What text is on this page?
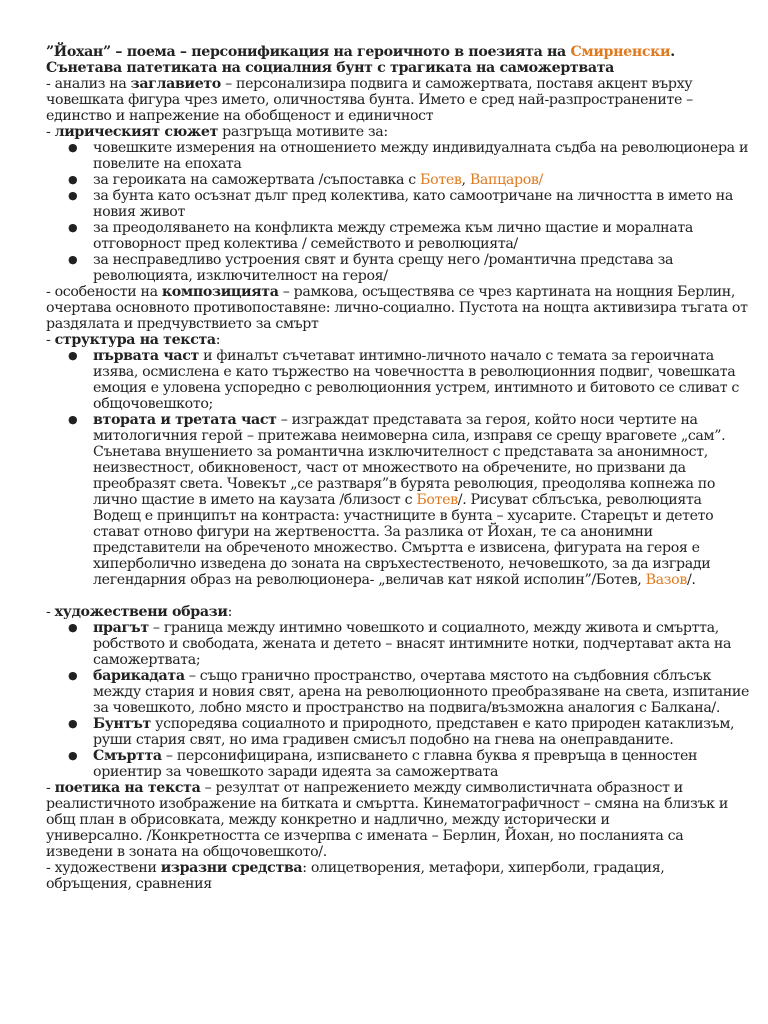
”Йохан” – поема – персонификация на героичното в поезията на Смирненски.
Сънетава патетиката на социалния бунт с трагиката на саможертвата
- анализ на заглавието – персонализира подвига и саможертвата, поставя акцент върху
човешката фигура чрез името, оличностява бунта. Името е сред най-разпространените –
единство и напрежение на обобщеност и единичност
- лирическият сюжет разгръща мотивите за:
● човешките измерения на отношението между индивидуалната съдба на революционера и
повелите на епохата
● за героиката на саможертвата /съпоставка с Ботев, Вапцаров/
● за бунта като осъзнат дълг пред колектива, като самоотричане на личността в името на
новия живот
● за преодоляването на конфликта между стремежа към лично щастие и моралната
отговорност пред колектива / семейството и революцията/
● за несправедливо устроения свят и бунта срещу него /романтична представа за
революцията, изключителност на героя/
- особености на композицията – рамкова, осъществява се чрез картината на нощния Берлин,
очертава основното противопоставяне: лично-социално. Пустота на нощта активизира тъгата от
раздялата и предчувствието за смърт
- структура на текста:
● първата част и финалът съчетават интимно-личното начало с темата за героичната
изява, осмислена е като тържество на човечността в революционния подвиг, човешката
емоция е уловена успоредно с революционния устрем, интимното и битовото се сливат с
общочовешкото;
● втората и третата част – изграждат представата за героя, който носи чертите на
митологичния герой – притежава неимоверна сила, изправя се срещу враговете „сам”.
Сънетава внушението за романтична изключителност с представата за анонимност,
неизвестност, обикновеност, част от множеството на обречените, но призвани да
преобразят света. Човекът „се разтваря”в бурята революция, преодолява копнежа по
лично щастие в името на каузата /близост с Ботев/. Рисуват сблъсъка, революцията
Водещ е принципът на контраста: участниците в бунта – хусарите. Старецът и детето
стават отново фигури на жертвеността. За разлика от Йохан, те са анонимни
представители на обреченото множество. Смъртта е извисена, фигурата на героя е
хиперболично изведена до зоната на свръхестественото, нечовешкото, за да изгради
легендарния образ на революционера- „величав кат някой исполин”/Ботев, Вазов/.
- художествени образи:
● прагът – граница между интимно човешкото и социалното, между живота и смъртта,
робството и свободата, жената и детето – внасят интимните нотки, подчертават акта на
саможертвата;
● барикадата – също гранично пространство, очертава мястото на съдбовния сблъсък
между стария и новия свят, арена на революционното преобразяване на света, изпитание
за човешкото, лобно място и пространство на подвига/възможна аналогия с Балкана/.
● Бунтът успоредява социалното и природното, представен е като природен катаклизъм,
руши стария свят, но има градивен смисъл подобно на гнева на онеправданите.
● Смъртта – персонифицирана, изписването с главна буква я превръща в ценностен
ориентир за човешкото заради идеята за саможертвата
- поетика на текста – резултат от напрежението между символистичната образност и
реалистичното изображение на битката и смъртта. Кинематографичност – смяна на близък и
общ план в обрисовката, между конкретно и надлично, между исторически и
универсално. /Конкретността се изчерпва с имената – Берлин, Йохан, но посланията са
изведени в зоната на общочовешкото/.
- художествени изразни средства: олицетворения, метафори, хиперболи, градация,
обръщения, сравнения
